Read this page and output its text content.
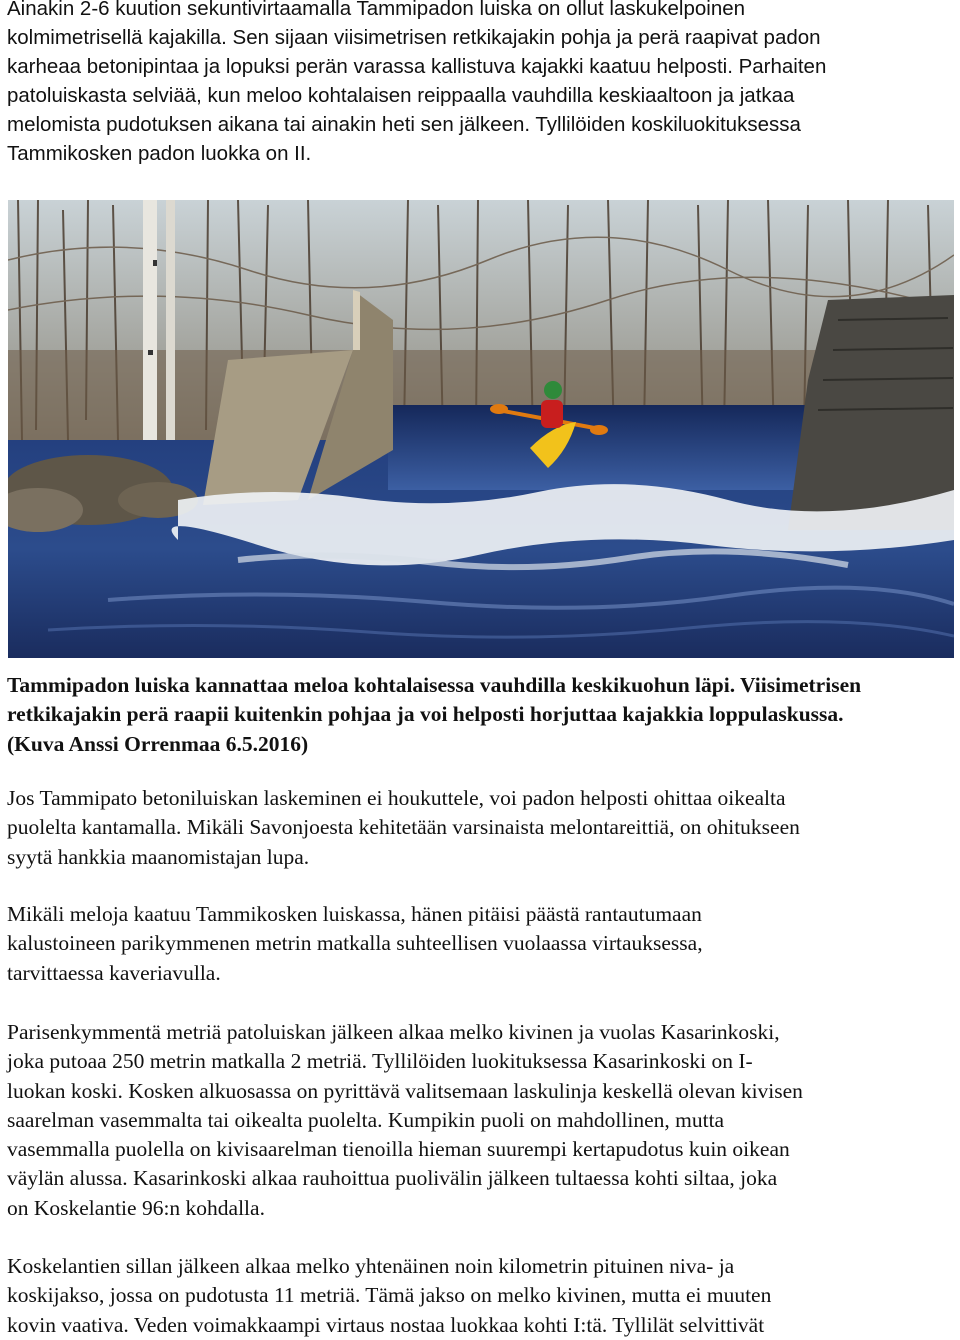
Ainakin 2-6 kuution sekuntivirtaamalla Tammipadon luiska on ollut laskukelpoinen
kolmimetrisellä kajakilla. Sen sijaan viisimetrisen retkikajakin pohja ja perä raapivat padon
karheaa betonipintaa ja lopuksi perän varassa kallistuva kajakki kaatuu helposti. Parhaiten
patoluiskasta selviää, kun meloo kohtalaisen reippaalla vauhdilla keskiaaltoon ja jatkaa
melomista pudotuksen aikana tai ainakin heti sen jälkeen. Tyllilöiden koskiluokituksessa
Tammikosken padon luokka on II.
Tammipadon luiska kannattaa meloa kohtalaisessa vauhdilla keskikuohun läpi. Viisimetrisen
retkikajakin perä raapii kuitenkin pohjaa ja voi helposti horjuttaa kajakkia loppulaskussa.
(Kuva Anssi Orrenmaa 6.5.2016)
Jos Tammipato betoniluiskan laskeminen ei houkuttele, voi padon helposti ohittaa oikealta
puolelta kantamalla. Mikäli Savonjoesta kehitetään varsinaista melontareittiä, on ohitukseen
syytä hankkia maanomistajan lupa.
Mikäli meloja kaatuu Tammikosken luiskassa, hänen pitäisi päästä rantautumaan
kalustoineen parikymmenen metrin matkalla suhteellisen vuolaassa virtauksessa,
tarvittaessa kaveriavulla.
Parisenkymmentä metriä patoluiskan jälkeen alkaa melko kivinen ja vuolas Kasarinkoski,
joka putoaa 250 metrin matkalla 2 metriä. Tyllilöiden luokituksessa Kasarinkoski on I-
luokan koski. Kosken alkuosassa on pyrittävä valitsemaan laskulinja keskellä olevan kivisen
saarelman vasemmalta tai oikealta puolelta. Kumpikin puoli on mahdollinen, mutta
vasemmalla puolella on kivisaarelman tienoilla hieman suurempi kertapudotus kuin oikean
väylän alussa. Kasarinkoski alkaa rauhoittua puolivälin jälkeen tultaessa kohti siltaa, joka
on Koskelantie 96:n kohdalla.
Koskelantien sillan jälkeen alkaa melko yhtenäinen noin kilometrin pituinen niva- ja
koskijakso, jossa on pudotusta 11 metriä. Tämä jakso on melko kivinen, mutta ei muuten
kovin vaativa. Veden voimakkaampi virtaus nostaa luokkaa kohti I:tä. Tyllilät selvittivät
